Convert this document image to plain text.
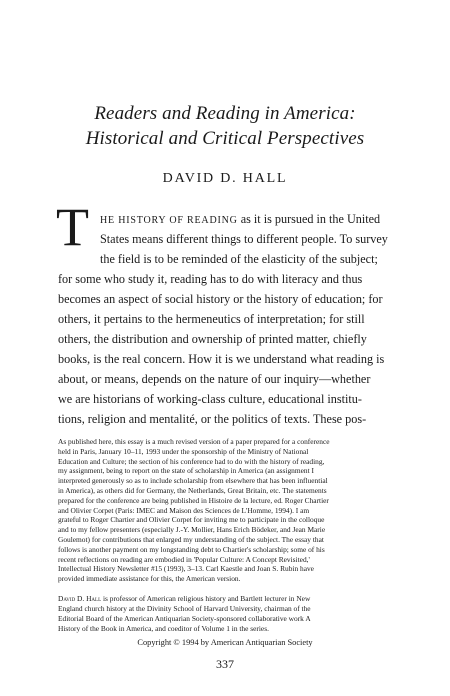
Readers and Reading in America:
Historical and Critical Perspectives
DAVID D. HALL
T HE HISTORY OF READING as it is pursued in the United
States means different things to different people. To survey
the field is to be reminded of the elasticity of the subject;
for some who study it, reading has to do with literacy and thus
becomes an aspect of social history or the history of education; for
others, it pertains to the hermeneutics of interpretation; for still
others, the distribution and ownership of printed matter, chiefly
books, is the real concern. How it is we understand what reading is
about, or means, depends on the nature of our inquiry—whether
we are historians of working-class culture, educational institu-
tions, religion and mentalité, or the politics of texts. These pos-
As published here, this essay is a much revised version of a paper prepared for a conference
held in Paris, January 10–11, 1993 under the sponsorship of the Ministry of National
Education and Culture; the section of his conference had to do with the history of reading,
my assignment, being to report on the state of scholarship in America (an assignment I
interpreted generously so as to include scholarship from elsewhere that has been influential
in America), as others did for Germany, the Netherlands, Great Britain, etc. The statements
prepared for the conference are being published in Histoire de la lecture, ed. Roger Chartier
and Olivier Corpet (Paris: IMEC and Maison des Sciences de L'Homme, 1994). I am
grateful to Roger Chartier and Olivier Corpet for inviting me to participate in the colloque
and to my fellow presenters (especially J.-Y. Mollier, Hans Erich Bödeker, and Jean Marie
Goulemot) for contributions that enlarged my understanding of the subject. The essay that
follows is another payment on my longstanding debt to Chartier's scholarship; some of his
recent reflections on reading are embodied in 'Popular Culture: A Concept Revisited,'
Intellectual History Newsletter #15 (1993), 3–13. Carl Kaestle and Joan S. Rubin have
provided immediate assistance for this, the American version.
David D. Hall is professor of American religious history and Bartlett lecturer in New
England church history at the Divinity School of Harvard University, chairman of the
Editorial Board of the American Antiquarian Society-sponsored collaborative work A
History of the Book in America, and coeditor of Volume 1 in the series.
Copyright © 1994 by American Antiquarian Society
337
